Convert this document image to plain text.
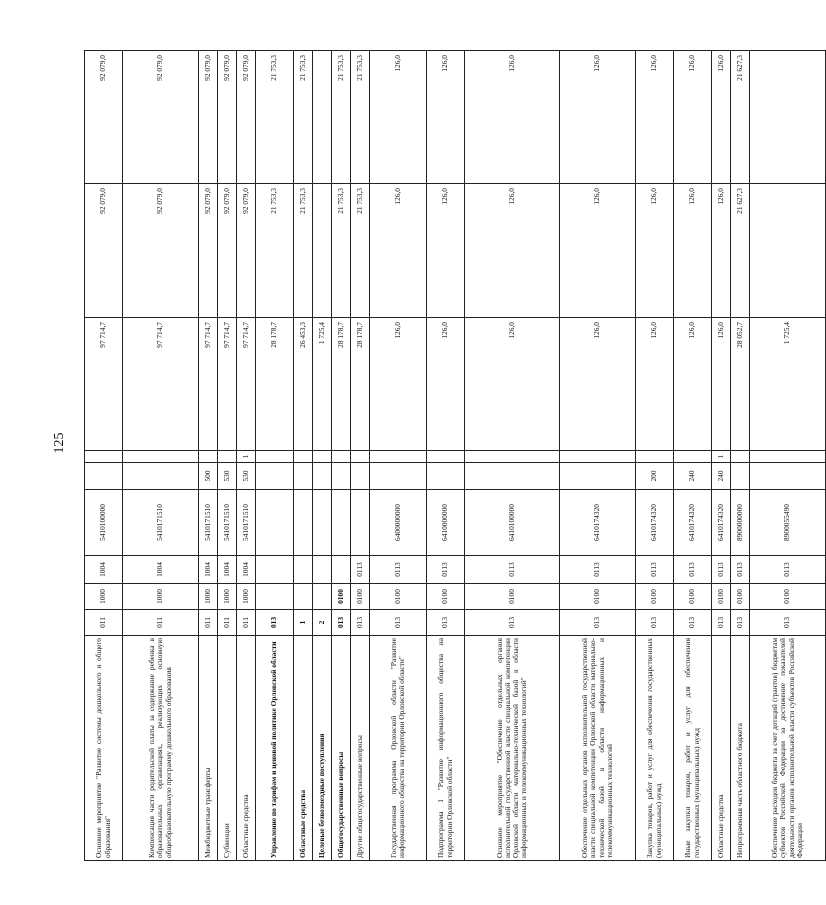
125
Основное мероприятие "Развитие системы дошкольного и общего образования"	011	1000	1004	5410100000			97 714,7	92 079,0	92 079,0
Компенсация части родительской платы за содержание ребенка в образовательных организациях, реализующих основную общеобразовательную программу дошкольного образования	011	1000	1004	5410171510			97 714,7	92 079,0	92 079,0
Межбюджетные трансферты	011	1000	1004	5410171510	500		97 714,7	92 079,0	92 079,0
Субвенции	011	1000	1004	5410171510	530		97 714,7	92 079,0	92 079,0
Областные средства	011	1000	1004	5410171510	530	1	97 714,7	92 079,0	92 079,0
Управление по тарифам и ценовой политике Орловской области	013						28 178,7	21 753,3	21 753,3
Областные средства	1						26 453,3	21 753,3	21 753,3
Целевые безвозмездные поступления	2						1 725,4		
Общегосударственные вопросы	013	0100					28 178,7	21 753,3	21 753,3
Другие общегосударственные вопросы	013	0100	0113				28 178,7	21 753,3	21 753,3
Государственная программа Орловской области "Развитие информационного общества на территории Орловской области"	013	0100	0113	6400000000			126,0	126,0	126,0
Подпрограмма 1 "Развитие информационного общества на территории Орловской области"	013	0100	0113	6410000000			126,0	126,0	126,0
Основное мероприятие "Обеспечение отдельных органов исполнительной государственной власти специальной компетенции Орловской области материально-технической базой в области информационных и телекоммуникационных технологий"	013	0100	0113	6410100000			126,0	126,0	126,0
Обеспечение отдельных органов исполнительной государственной власти специальной компетенции Орловской области материально-технической базой в области информационных и телекоммуникационных технологий	013	0100	0113	6410174320			126,0	126,0	126,0
Закупка товаров, работ и услуг для обеспечения государственных (муниципальных) нужд	013	0100	0113	6410174320	200		126,0	126,0	126,0
Иные закупки товаров, работ и услуг для обеспечения государственных (муниципальных) нужд	013	0100	0113	6410174320	240		126,0	126,0	126,0
Областные средства	013	0100	0113	6410174320	240	1	126,0	126,0	126,0
Непрограммная часть областного бюджета	013	0100	0113	8900000000			28 052,7	21 627,3	21 627,3
Обеспечение расходов бюджета за счет дотаций (грантов) бюджетам субъектов Российской Федерации за достижение показателей деятельности органов исполнительной власти субъектов Российской Федерации	013	0100	0113	8900055490			1 725,4		
